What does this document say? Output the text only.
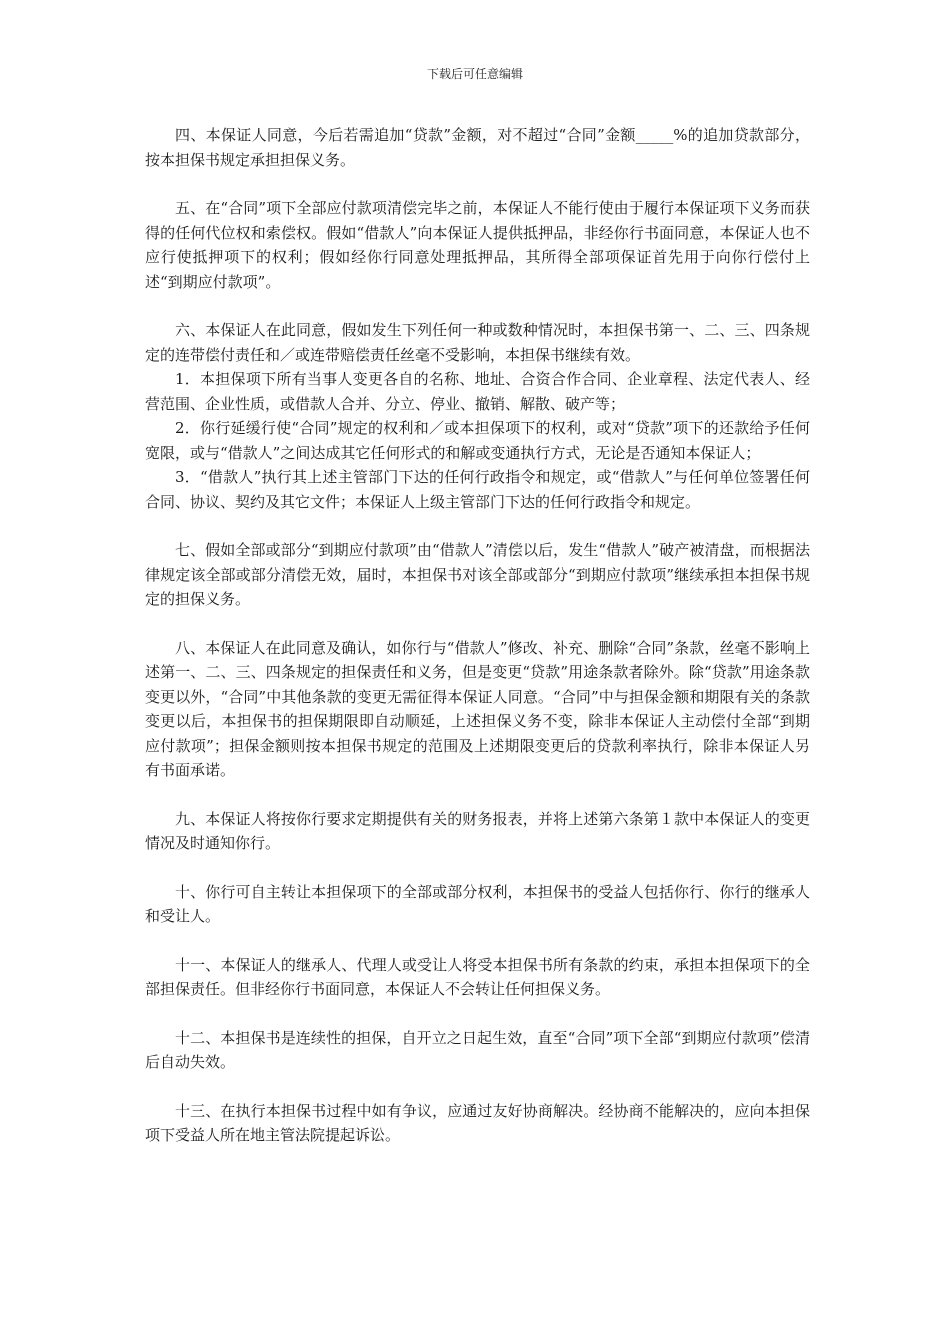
下载后可任意编辑

四、本保证人同意，今后若需追加“贷款”金额，对不超过“合同”金额_____%的追加贷款部分，按本担保书规定承担担保义务。

五、在“合同”项下全部应付款项清偿完毕之前，本保证人不能行使由于履行本保证项下义务而获得的任何代位权和索偿权。假如“借款人”向本保证人提供抵押品，非经你行书面同意，本保证人也不应行使抵押项下的权利；假如经你行同意处理抵押品，其所得全部项保证首先用于向你行偿付上述“到期应付款项”。

六、本保证人在此同意，假如发生下列任何一种或数种情况时，本担保书第一、二、三、四条规定的连带偿付责任和／或连带赔偿责任丝毫不受影响，本担保书继续有效。

1．本担保项下所有当事人变更各自的名称、地址、合资合作合同、企业章程、法定代表人、经营范围、企业性质，或借款人合并、分立、停业、撤销、解散、破产等；

2．你行延缓行使“合同”规定的权利和／或本担保项下的权利，或对“贷款”项下的还款给予任何宽限，或与“借款人”之间达成其它任何形式的和解或变通执行方式，无论是否通知本保证人；

3．“借款人”执行其上述主管部门下达的任何行政指令和规定，或“借款人”与任何单位签署任何合同、协议、契约及其它文件；本保证人上级主管部门下达的任何行政指令和规定。

七、假如全部或部分“到期应付款项”由“借款人”清偿以后，发生“借款人”破产被清盘，而根据法律规定该全部或部分清偿无效，届时，本担保书对该全部或部分“到期应付款项”继续承担本担保书规定的担保义务。

八、本保证人在此同意及确认，如你行与“借款人”修改、补充、删除“合同”条款，丝毫不影响上述第一、二、三、四条规定的担保责任和义务，但是变更“贷款”用途条款者除外。除“贷款”用途条款变更以外，“合同”中其他条款的变更无需征得本保证人同意。“合同”中与担保金额和期限有关的条款变更以后，本担保书的担保期限即自动顺延，上述担保义务不变，除非本保证人主动偿付全部“到期应付款项”；担保金额则按本担保书规定的范围及上述期限变更后的贷款利率执行，除非本保证人另有书面承诺。

九、本保证人将按你行要求定期提供有关的财务报表，并将上述第六条第１款中本保证人的变更情况及时通知你行。

十、你行可自主转让本担保项下的全部或部分权利，本担保书的受益人包括你行、你行的继承人和受让人。

十一、本保证人的继承人、代理人或受让人将受本担保书所有条款的约束，承担本担保项下的全部担保责任。但非经你行书面同意，本保证人不会转让任何担保义务。

十二、本担保书是连续性的担保，自开立之日起生效，直至“合同”项下全部“到期应付款项”偿清后自动失效。

十三、在执行本担保书过程中如有争议，应通过友好协商解决。经协商不能解决的，应向本担保项下受益人所在地主管法院提起诉讼。
